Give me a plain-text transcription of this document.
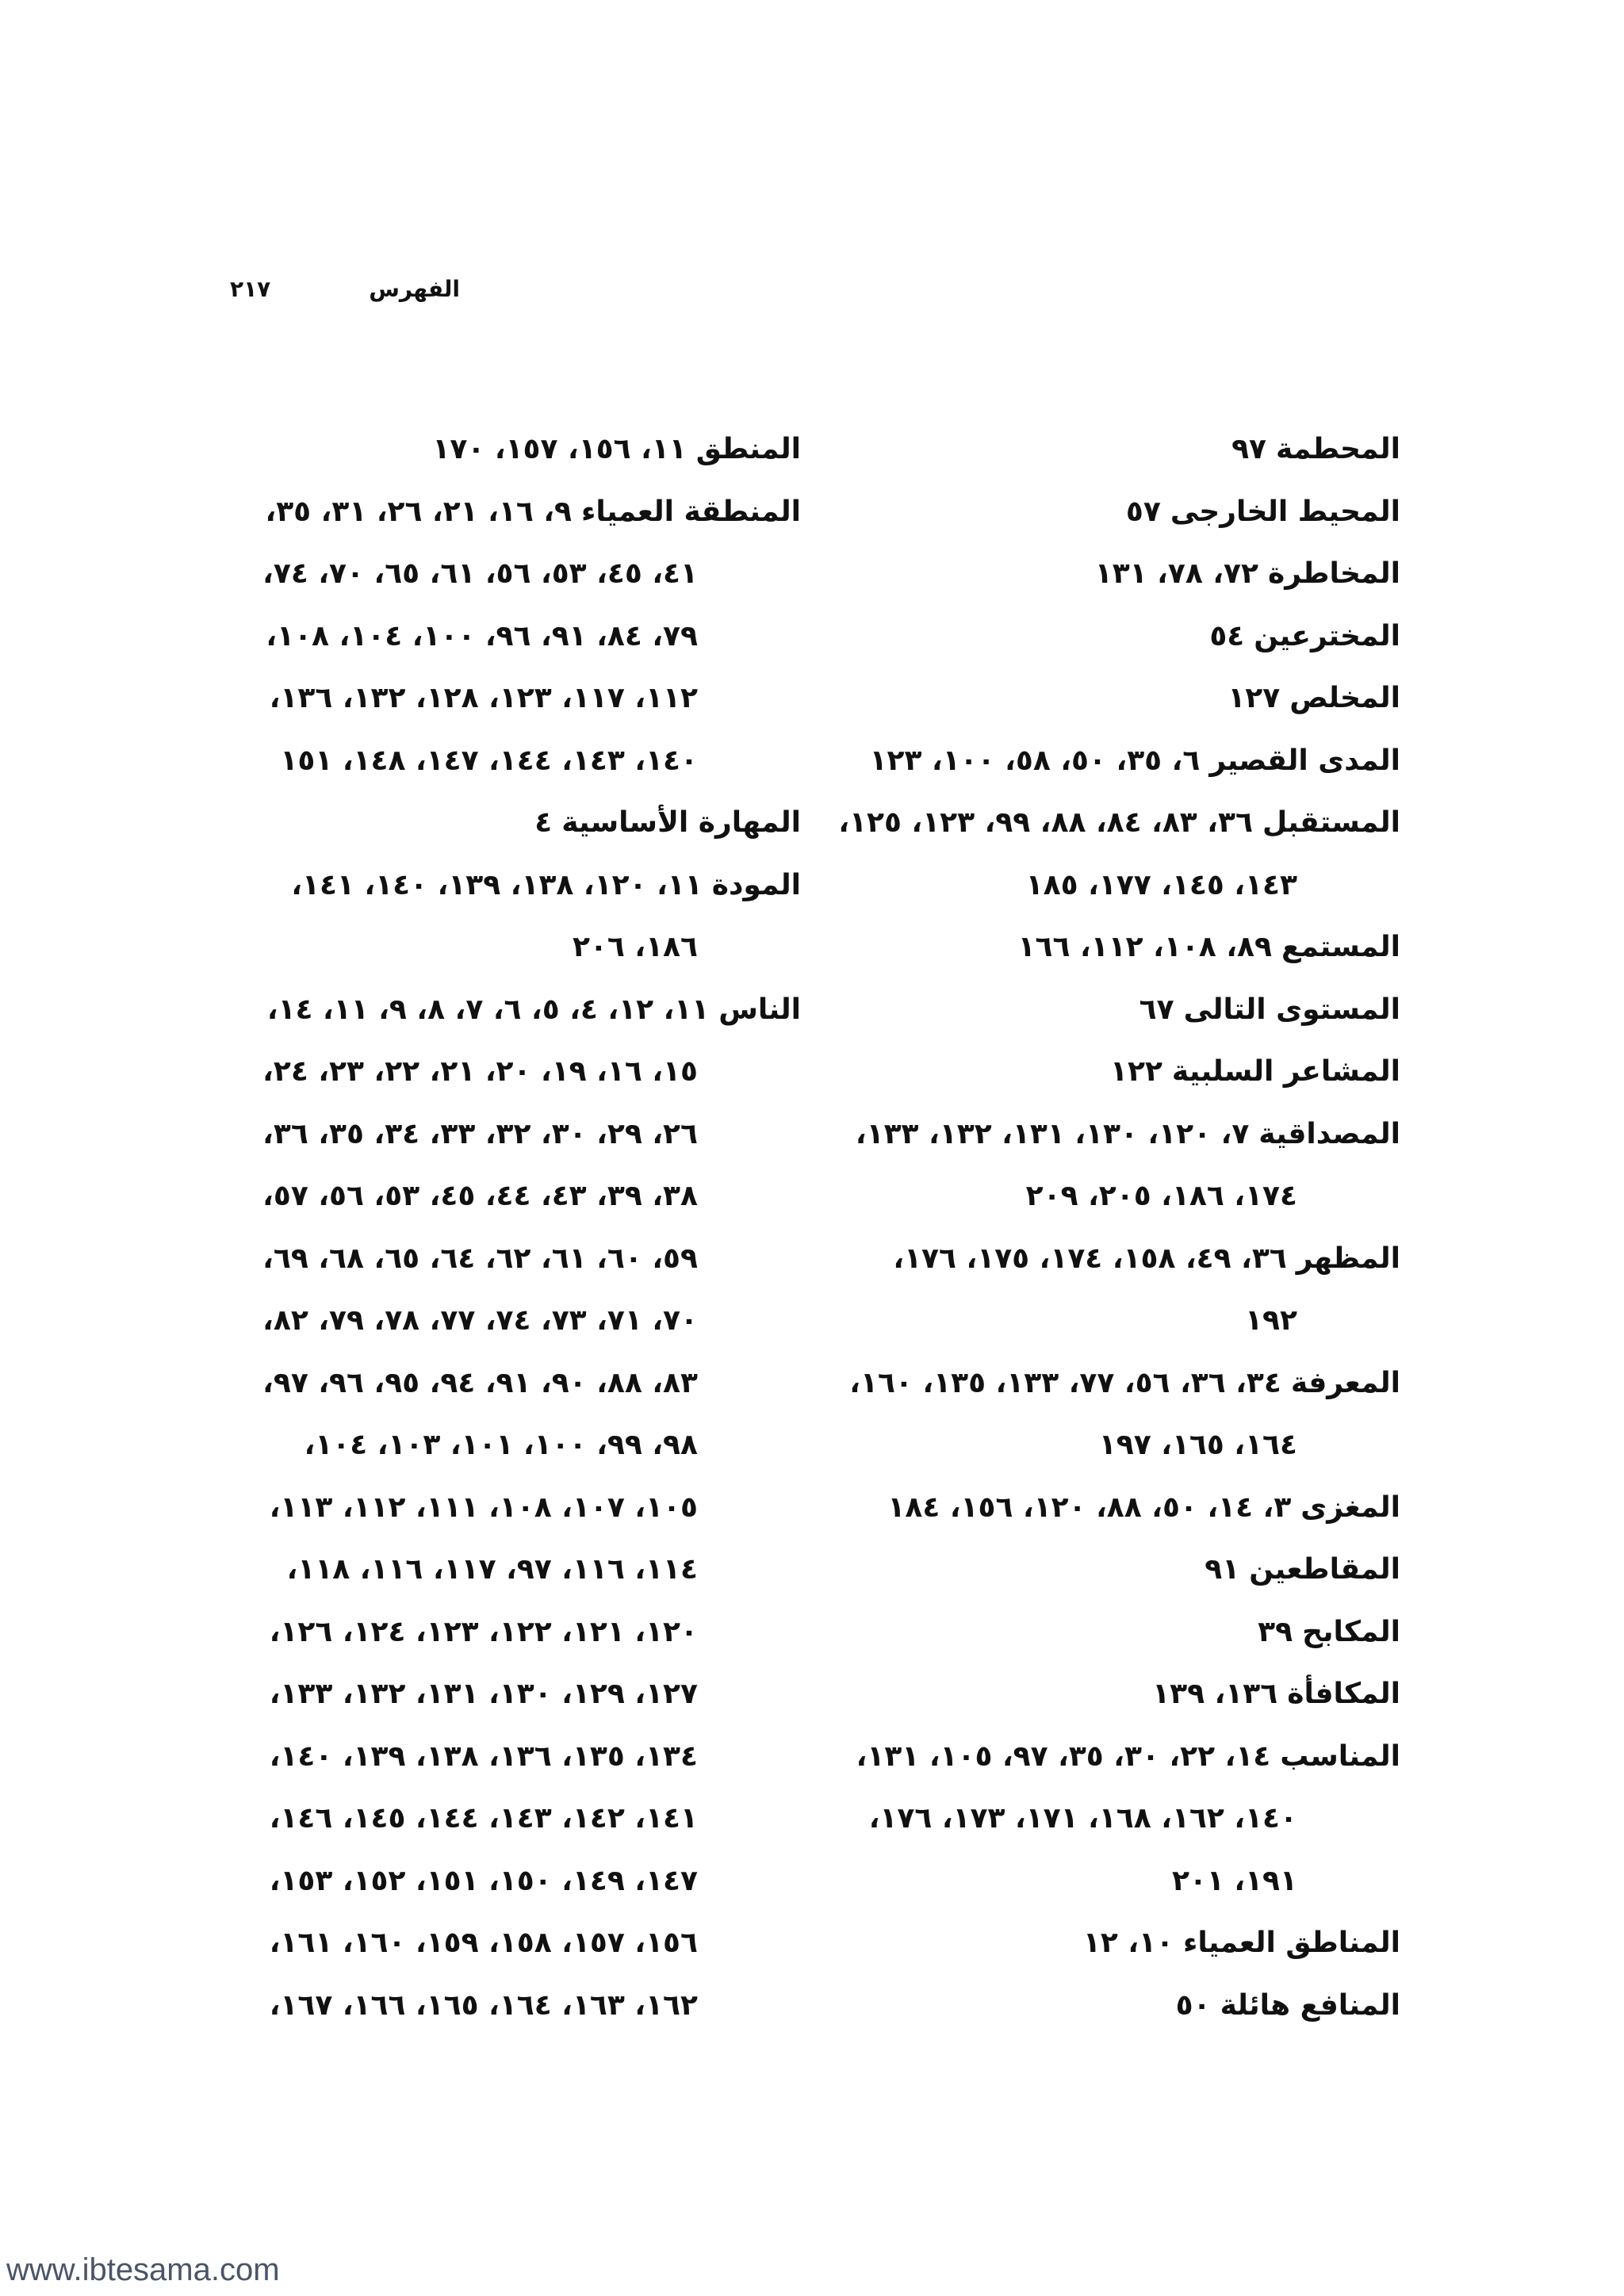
الفهرس
٢١٧
المحطمة٩٧
المحيط الخارجى٥٧
المخاطرة٧٢، ٧٨، ١٣١
المخترعين٥٤
المخلص١٢٧
المدى القصير٦، ٣٥، ٥٠، ٥٨، ١٠٠، ١٢٣
المستقبل٣٦، ٨٣، ٨٤، ٨٨، ٩٩، ١٢٣، ١٢٥،
١٤٣، ١٤٥، ١٧٧، ١٨٥
المستمع٨٩، ١٠٨، ١١٢، ١٦٦
المستوى التالى٦٧
المشاعر السلبية١٢٢
المصداقية٧، ١٢٠، ١٣٠، ١٣١، ١٣٢، ١٣٣،
١٧٤، ١٨٦، ٢٠٥، ٢٠٩
المظهر٣٦، ٤٩، ١٥٨، ١٧٤، ١٧٥، ١٧٦،
١٩٢
المعرفة٣٤، ٣٦، ٥٦، ٧٧، ١٣٣، ١٣٥، ١٦٠،
١٦٤، ١٦٥، ١٩٧
المغزى٣، ١٤، ٥٠، ٨٨، ١٢٠، ١٥٦، ١٨٤
المقاطعين٩١
المكابح٣٩
المكافأة١٣٦، ١٣٩
المناسب١٤، ٢٢، ٣٠، ٣٥، ٩٧، ١٠٥، ١٣١،
١٤٠، ١٦٢، ١٦٨، ١٧١، ١٧٣، ١٧٦،
١٩١، ٢٠١
المناطق العمياء١٠، ١٢
المنافع هائلة٥٠
المنطق١١، ١٥٦، ١٥٧، ١٧٠
المنطقة العمياء٩، ١٦، ٢١، ٢٦، ٣١، ٣٥،
٤١، ٤٥، ٥٣، ٥٦، ٦١، ٦٥، ٧٠، ٧٤،
٧٩، ٨٤، ٩١، ٩٦، ١٠٠، ١٠٤، ١٠٨،
١١٢، ١١٧، ١٢٣، ١٢٨، ١٣٢، ١٣٦،
١٤٠، ١٤٣، ١٤٤، ١٤٧، ١٤٨، ١٥١
المهارة الأساسية٤
المودة١١، ١٢٠، ١٣٨، ١٣٩، ١٤٠، ١٤١،
١٨٦، ٢٠٦
الناس١١، ١٢، ٤، ٥، ٦، ٧، ٨، ٩، ١١، ١٤،
١٥، ١٦، ١٩، ٢٠، ٢١، ٢٢، ٢٣، ٢٤،
٢٦، ٢٩، ٣٠، ٣٢، ٣٣، ٣٤، ٣٥، ٣٦،
٣٨، ٣٩، ٤٣، ٤٤، ٤٥، ٥٣، ٥٦، ٥٧،
٥٩، ٦٠، ٦١، ٦٢، ٦٤، ٦٥، ٦٨، ٦٩،
٧٠، ٧١، ٧٣، ٧٤، ٧٧، ٧٨، ٧٩، ٨٢،
٨٣، ٨٨، ٩٠، ٩١، ٩٤، ٩٥، ٩٦، ٩٧،
٩٨، ٩٩، ١٠٠، ١٠١، ١٠٣، ١٠٤،
١٠٥، ١٠٧، ١٠٨، ١١١، ١١٢، ١١٣،
١١٤، ١١٦، ٩٧، ١١٧، ١١٦، ١١٨،
١٢٠، ١٢١، ١٢٢، ١٢٣، ١٢٤، ١٢٦،
١٢٧، ١٢٩، ١٣٠، ١٣١، ١٣٢، ١٣٣،
١٣٤، ١٣٥، ١٣٦، ١٣٨، ١٣٩، ١٤٠،
١٤١، ١٤٢، ١٤٣، ١٤٤، ١٤٥، ١٤٦،
١٤٧، ١٤٩، ١٥٠، ١٥١، ١٥٢، ١٥٣،
١٥٦، ١٥٧، ١٥٨، ١٥٩، ١٦٠، ١٦١،
١٦٢، ١٦٣، ١٦٤، ١٦٥، ١٦٦، ١٦٧،
www.ibtesama.com
